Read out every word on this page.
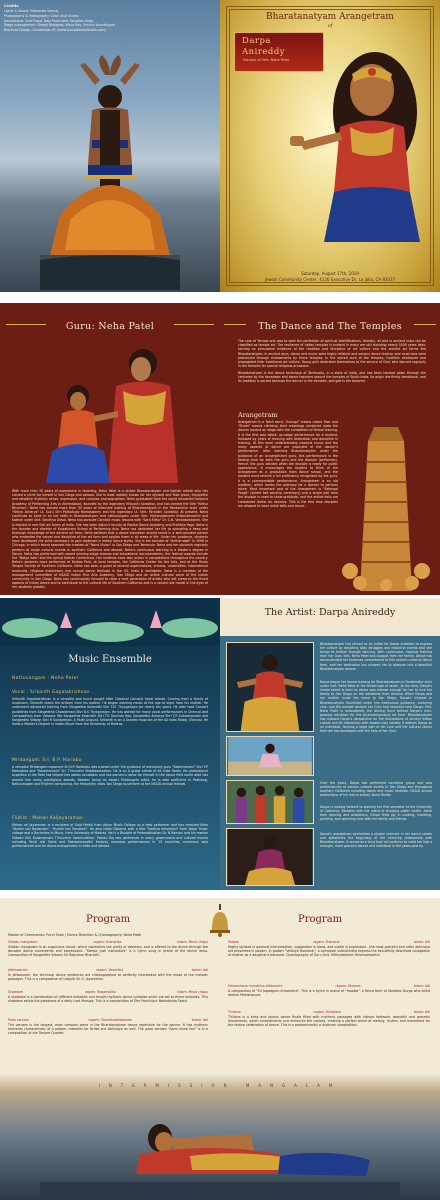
Credits
Lights & Sound: Plamanda Samraj
Photography & Videography: Color Shot Studio
Decorations: Sree Rasai, Raja Palanulett, Kavadan Kasja
Stage management: Deepti Bhagwat, Vidya Rao, Shruthi Ananthiyam
Brochure Design: Sundaresan M. (www.SundaResanStudio.com)
Bharatanatyam Arangetram
of
Darpa
Anireddy
Disciple of Smt. Neha Patel
Saturday, August 17th, 2019
Jewish Community Center, 4126 Executive Dr, La Jolla, CA 92037
Guru: Neha Patel
With more than 35 years of experience in teaching, Neha Patel is a skilled Bharatanatyam and Kathak artiste who has carved a niche for herself in San Diego and abroad. She is most notably known for her stylized and fluid grace, thoughtful and sensitive rhythmic sense, expression, and complex choreographies. Neha graduated from the world renowned Darpana Academy of Performing Arts in Ahmedabad, founded by the legendary Mrinalini Sarabhai, and has earned the title "Nritya Bhushan." Neha has trained more than 30 years of intensive training of Bharatanatyam in the Pandanallur style under "Nrtiya Acharya" Lt. Guru Shri Pathakudy Ramaswamy and the legendary Lt. Smt. Mrinalini Sarabhai. At present, Neha continues to hone in on her skills in Bharatanatyam and nattuvangam under Smt. Mohanalakshmi Krishnamoorthi and Kathak under Smt. Sandhya Desai. Neha has pursued Carnatic music lessons with "Sara Ritha" Dr. C.N. Venkatalakshmi. She is trained in rare folk art forms of India. She has been adjunct faculty at Rasika Dance Academy and Pratibha Yoga. Neha is the founder and director of Kalasthram School of Performing Arts. Neha has dedicated her life to spreading a deep and thorough knowledge of the ancient art form. Neha believes that a dance education should result in a well-rounded person who embodies the values and discipline of the art form and applies them in all areas of life. Under her guidance, students have developed the skills necessary to gain diplomas in Indian dance styles. She is the founder of "Antharnaad" in 1996 in Chicago, in which talent spanned the creation of "Nand Vision" in San Diego and Temecula. Neha and her students regularly perform at major cultural events in southern California and abroad. Neha's continuous learning is a Master's degree in Dance. Neha has performed with award winning stage dramas and educational documentaries. Her festival awards include the "Natya Kala" and the Lyrical Kathak Conference. Her students have won prizes in competitions throughout the country. Neha's students have performed at Balboa Park, at local temples, the California Center for the Arts, and at the Hindu Temple Society of Southern California. Neha has been a guest of several organizations, schools, universities, international museums, religious institutions and annual dance festivals in the US, India & worldwide. Neha is a member of the management committee of NSAID Indian Fine Arts Academy, San Diego and an active cultural voice of the Indian community in San Diego. Neha has continuously focused to raise a next generation of artists who will preserve the finest aspects of Indian dance and to contribute to the cultural life of Southern California and is a valued role model in the eyes of her students globally.
The Dance and The Temples
The core of Temple arts was to seek the perfection of spiritual identifications, thereby, all arts in ancient India can be classified as temple art. The resilience of Indian temples is evident in many are still standing nearly 5000 years later, serving as persuasive evidence of the tradition and discipline of art culture and the ancient art forms like Bharatanatyam. In ancient days, dance and music were highly relished and various dance teacher and musicians were patronized through endowments by these temples. In the sacred aura of the temples, tradition developed and propagated their traditional art culture. Young girls dedicated themselves to the service of God, who danced regularly in the temples for special religious occasions.
Bharatanatyam is the dance technique of Tamilnadu, in a state of India, and has been handed down through the centuries by the devadasis and dance teachers around the temples of South India. Its origin are firmly devotional, and its tradition is sacred because the dancer is the devotee, and god is the beloved.
Arangetram
Arangetram is a Tamil word; "Arangu" means raised floor and "Etram" means climbing; their meanings combined make the dancer ascend on stage with the completion of formal training. It is the first solo debut, on-stage performance for a student, followed by years of learning with dedication and discipline in training. At this level understanding classical music and the many aspects of dance are expected of the dancer's performance. After learning Bharatanatyam under the guidance of an accomplished guru, this performance is the testing time for both the guru and the disciple (performer). Hence, the guru decides when the disciple is ready for public appearance. It encourages the student to think of the Arangetram as a graduation from dance school, and the student must receive a full proficiency recognized by the guru. It is a commendable performance, Arangetram is an old tradition, which marks the pathway for a dancer to perform alone. Most important part of the Arangetram is "Salangai Poojai" (anklet bell worship ceremony) and a single bell from the disciple is used to show gratitude, and the anklet bells are considered divine for dancers. This is the first time disciples are allowed to wear ankle bells and dance.
Music Ensemble
Nattuvangam : Neha Patel
Vocal : Srikanth Gopalakrishnan
Srikanth Gopalakrishnan is a versatile and much sought after Classical Carnatic Vocal artiste. Coming from a family of musicians, Srikanth learnt the artform from his mother. He began learning music at the age of eight from his mother. He underwent advanced training from Sangeetha Kalanidhi Shri T.M. Thyagarajan for nearly ten years. He later took Concert guidelines from Sangeetha Choodamani Shri B.S Thyagarajan. He has worked for many vocal performances in Chennai and compositions from Vidwans like Sangeetha Kalanidhi Shri T.K Govinda Rao, Sangeetha Acharya Shri T.R Subramaniam and Sangeetha Vidwan Shri R Sundaresan. A Multi Linguist, Srikanth is an A Graded musician of the All India Radio, Chennai. He holds a Master's Degree in Indian Music from the University of Madras.
Mridangam: Sri. B.P. Hariabu
A versatile Mridangam exponent Sri B.P Haribabu was trained under the guidance of exemplary guru "Kalaimamani" Shri P.P Ramadass and "Kalaimamani" Sri. Thiruvarur Bhaktavatsalam. He is an A grade artiste of All India Radio. His professional expertise in the field has helped him obtain accolades and has earned a name for himself in the dance field world wide has earned him many prestigious awards. Besides being an expert Mridangam artist, he is also proficient in Pakhavaj, Nattuvangam and Rhythm composing, the frequently visits San Diego to perform at the NSAID annual festival.
Flutist : Mohan Kaljayaraman
Mohan raj Jayaraman is a recipient of Gold Medal from Adyar Music College as a best performer and has received titles "Kuzhal Isai Nadamani", "Kuzhal Isai Sendhan". He also holds Diploma with a title "Vadhya Kalaimani" from Adyar Music college and a Bachelors in Music, from University of Madras. He is a Disciple of Padmabhushan Dr. N.Ramani and his mentor Vidwan Shri Kalaimamani Thiruvarur Swaminathan. Mohan Raj has performed in many government and cultural events including Tamil Isai Vizha and Mahashivarathri festival, overseas performances in 15 countries, numerous solo performances and for dance arangetrams in India and abroad.
The Artist: Darpa Anireddy
Bharatanatyam has served as an outlet for Darpa Anireddy to express her culture by depicting daily struggles and historical events that she brings to fruition through dancing. With continuous, rigorous training from her Guru Smt. Neha Patel and support from her family, Darpa has demonstrated her immense commitment to this ancient classical dance form, and her dedication has allowed her to blossom into a beautiful Bharatanatyam dancer.
Darpa began her formal training for Bharatanatyam in Pandanallur style under Smt. Neha Patel at the tender age of seven. At the time, Darpa's innate talent is keen to dance was intense enough for her to lure her family to San Diego on the weekends from Arizona. When Darpa and her mother made the move to San Diego, Darpa's interest in Bharatanatyam flourished under the meticulous guidance, nurturing care, and the earnest wisdom her Guru had imparted onto Darpa. Smt. Neha Patel is undoubtedly the driving force behind Darpa's ever-growing adulation for the all-encompassing art form. Bharatanatyam has allowed Darpa's perspective on the foundations of ancient Indian culture and its interaction with modern-day society. It defines Darpa as an individual, forming a large part of her core and the cultural values that she has developed with the help of her Guru.
Over the years, Darpa has performed countless group and solo performances at various cultural events in San Diego and throughout southern California including dance and music festivals, NSAID annual productions of her dance school, Nand Studio.
Darpa is looking forward to starting her first semester at the University of California, Berkeley with the intent of studying public health. Aside from dancing and academics, Darpa finds joy in cooking, traveling, painting, and spending time with her family and friends.
Darpa's arangetram symbolizes a pivotal moment in her dance career and epitomizes the beginning of her enduring relationship with Bharatanatyam. It serves as a trust that will continue to mold her into a stronger, more graceful dancer and individual in the years past by.
Program	Program
Master of Ceremonies: Purvi Shah | Dance Direction & Choreography: Neha Patel
Vilakku mangalam	ragam: chandrika	talam: Misra chapu
Vilakku mangalam is an auspicious dance, which represents the purity of devotion, and is offered to the divine through the devoted dance movements and expressions. "Deepa jyoti namostute" is a hymn sung in praise of the divine lamp. Composition of Sangeetha Vidwan Sri Rajkumar Bharathi.
Jathiswaram	ragam: Vasantha	talam: Adi
In Jatiswaram, the technical dance sentences are choreographed to perfectly interweave with the mood of the melodic passages. This is a composition of Lalgudi Sri G. Jayaraman.
Shabdam	ragam: Ragamalika	talam: Misra chapu
A shabdam is a combination of different melodies and simple rhythmic dance syllables which are set to these melodies. This shabdam extols the greatness of a deity Lord Muruga. This is a composition of Shri Paruthiyur Neelakanta Sastri.
Pada varnam	ragam: Shankarabharanam	talam: Adi
The varnam is the longest, most complex piece in the Bharatanatyam dance repertoire for the dancer. It has rhythmic elements characteristic of a padam, melodies for Nritta and Abhinaya as well. The pada varnam "Sami ninne kori" is in a composition of the Tanjore Quartet.
Padam	ragam: Shahana	talam: Adi
Highly stylised in gestural interpretation, suggestion in ideas, and subtle in expression - the most graceful and artful abhinaya are presented in padam. In padam "Vellaiya thamarai", a composer subhashitha express the beautifully described castigation of mother as a daughter's behavior. Choreography of Guru Smt. Mithyalakshmi Krishnamoorthi.
Maharshana mundhina ettitavarm	ragam: Khamas	talam: Adi
A composition of "Sri Jagadguru Kripamsha". This is a hymn in praise of "maatta", a fierce form of Goddess Durga who killed demon Mahishasura.
Thillana	ragam: Hindolam	talam: Adi
Thillana is a brisk and joyous dance finale filled with rhythmic passages with vibrant footwork, beautiful and graceful movements, which complements and enhances the melody, creating a perfect blend of melody, rhythm and movement for the festive celebration of dance. This is a predominantly a rhythmic composition.
INTERMISSION MANGALAM
